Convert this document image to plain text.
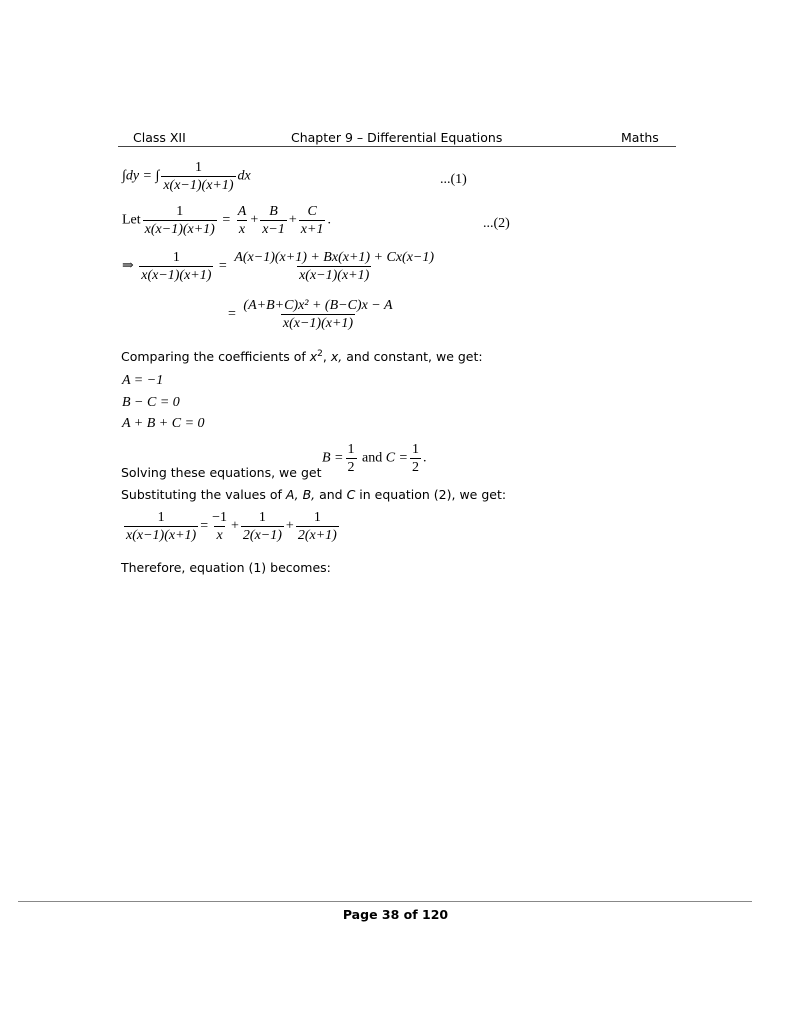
Class XII	Chapter 9 – Differential Equations	Maths
∫dy = ∫ $\frac{1}{x(x-1)(x+1)}$ dx	...(1)
Let $\frac{1}{x(x-1)(x+1)} = \frac{A}{x} + \frac{B}{x-1} + \frac{C}{x+1}$ .	...(2)
⇒ $\frac{1}{x(x-1)(x+1)} = \frac{A(x-1)(x+1) + Bx(x+1) + Cx(x-1)}{x(x-1)(x+1)}$
= $\frac{\text{(A+B+C)x² + (B−C)x − A}}{x(x-1)(x+1)}$
Comparing the coefficients of $x^2$, x, and constant, we get:
A = −1
B − C = 0
A + B + C = 0
$B = \frac{1}{2}$ and $C = \frac{1}{2}$ .
Solving these equations, we get
Substituting the values of A, B, and C in equation (2), we get:
$\frac{1}{x(x-1)(x+1)} = \frac{-1}{x} + \frac{1}{2(x-1)} + \frac{1}{2(x+1)}$
Therefore, equation (1) becomes:
Page 38 of 120
